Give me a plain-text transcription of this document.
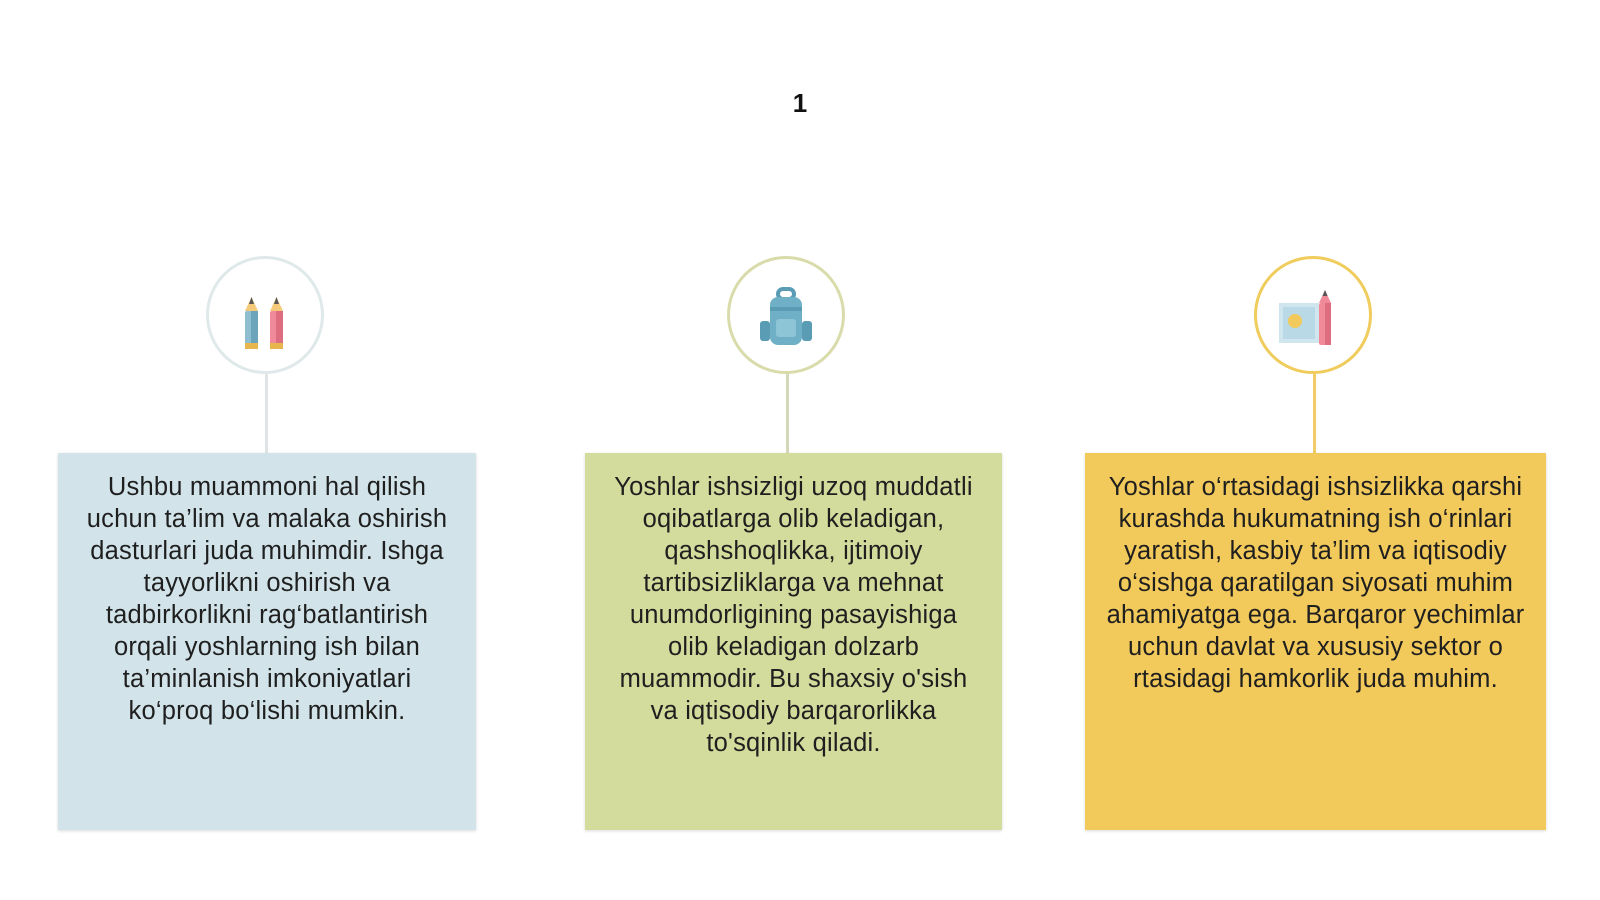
1
Ushbu muammoni hal qilish uchun ta’lim va malaka oshirish dasturlari juda muhimdir. Ishga tayyorlikni oshirish va tadbirkorlikni rag‘batlantirish orqali yoshlarning ish bilan ta’minlanish imkoniyatlari ko‘proq bo‘lishi mumkin.
Yoshlar ishsizligi uzoq muddatli oqibatlarga olib keladigan, qashshoqlikka, ijtimoiy tartibsizliklarga va mehnat unumdorligining pasayishiga olib keladigan dolzarb muammodir. Bu shaxsiy o'sish va iqtisodiy barqarorlikka to'sqinlik qiladi.
Yoshlar o‘rtasidagi ishsizlikka qarshi kurashda hukumatning ish o‘rinlari yaratish, kasbiy ta’lim va iqtisodiy o‘sishga qaratilgan siyosati muhim ahamiyatga ega. Barqaror yechimlar uchun davlat va xususiy sektor o rtasidagi hamkorlik juda muhim.
